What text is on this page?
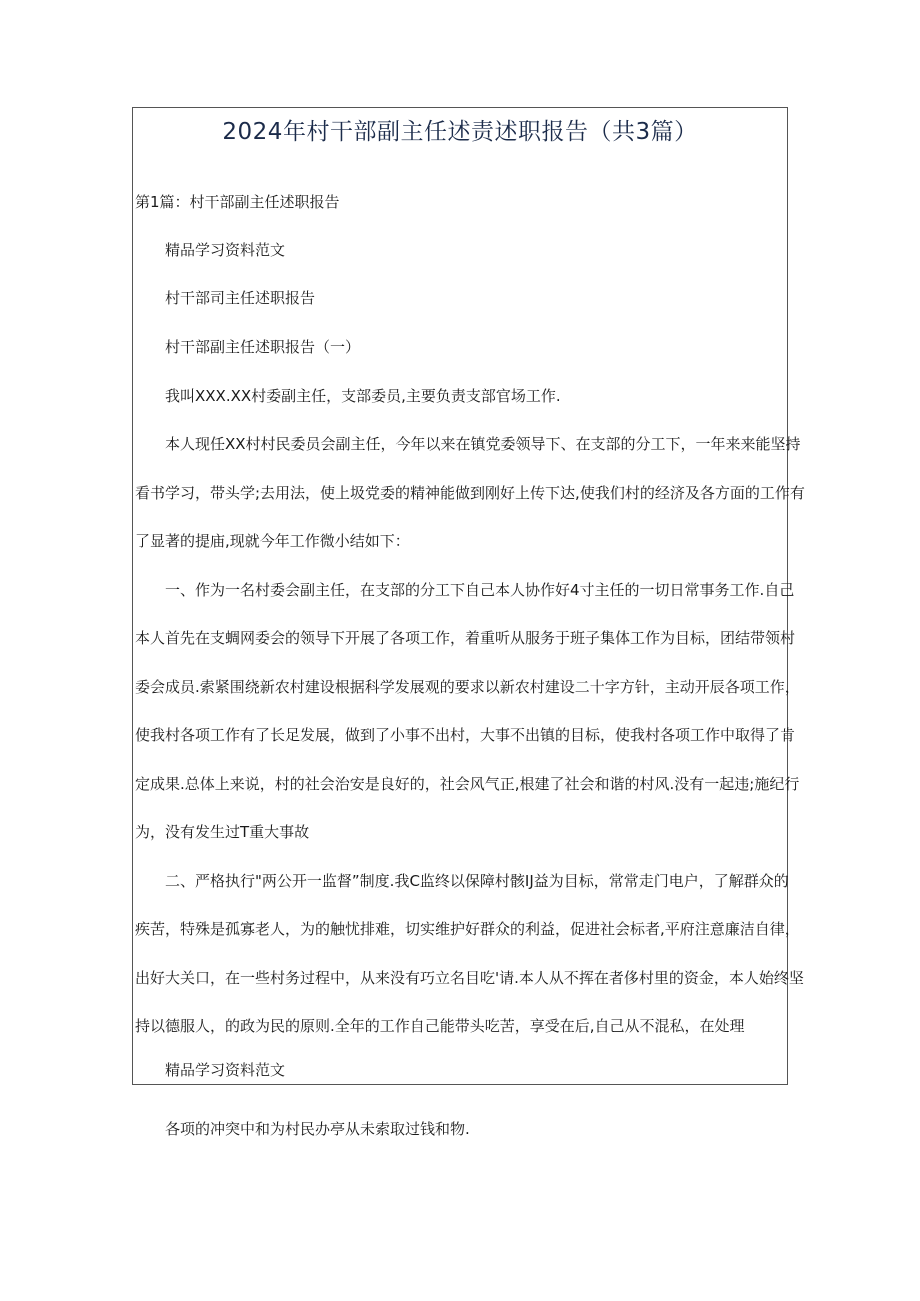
2024年村干部副主任述责述职报告（共3篇）
第1篇：村干部副主任述职报告
精品学习资料范文
村干部司主任述职报告
村干部副主任述职报告（一）
我叫XXX.XX村委副主任，支部委员,主要负责支部官场工作.
本人现任XX村村民委员会副主任，今年以来在镇党委领导下、在支部的分工下，一年来来能坚持
看书学习，带头学;去用法，使上圾党委的精神能做到刚好上传下达,使我们村的经济及各方面的工作有
了显著的提庙,现就今年工作微小结如下：
一、作为一名村委会副主任，在支部的分工下自己本人协作好4寸主任的一切日常事务工作.自己
本人首先在支蜩网委会的领导下开展了各项工作，着重听从服务于班子集体工作为目标，团结带领村
委会成员.索紧围绕新农村建设根据科学发展观的要求以新农村建设二十字方针，主动开辰各项工作，
使我村各项工作有了长足发展，做到了小事不出村，大事不出镇的目标，使我村各项工作中取得了肯
定成果.总体上来说，村的社会治安是良好的，社会风气正,根建了社会和谐的村风.没有一起违;施纪行
为，没有发生过T重大事故
二、严格执行"两公开一监督”制度.我C监终以保障村骸IJ益为目标，常常走门电户，了解群众的
疾苦，特殊是孤寡老人，为的触忧排难，切实维护好群众的利益，促进社会标者,平府注意廉洁自律，
出好大关口，在一些村务过程中，从来没有巧立名目吃'请.本人从不挥在者侈村里的资金，本人始终坚
持以德服人，的政为民的原则.全年的工作自己能带头吃苦，享受在后,自己从不混私，在处理
精品学习资料范文
各项的冲突中和为村民办亭从未索取过钱和物.
